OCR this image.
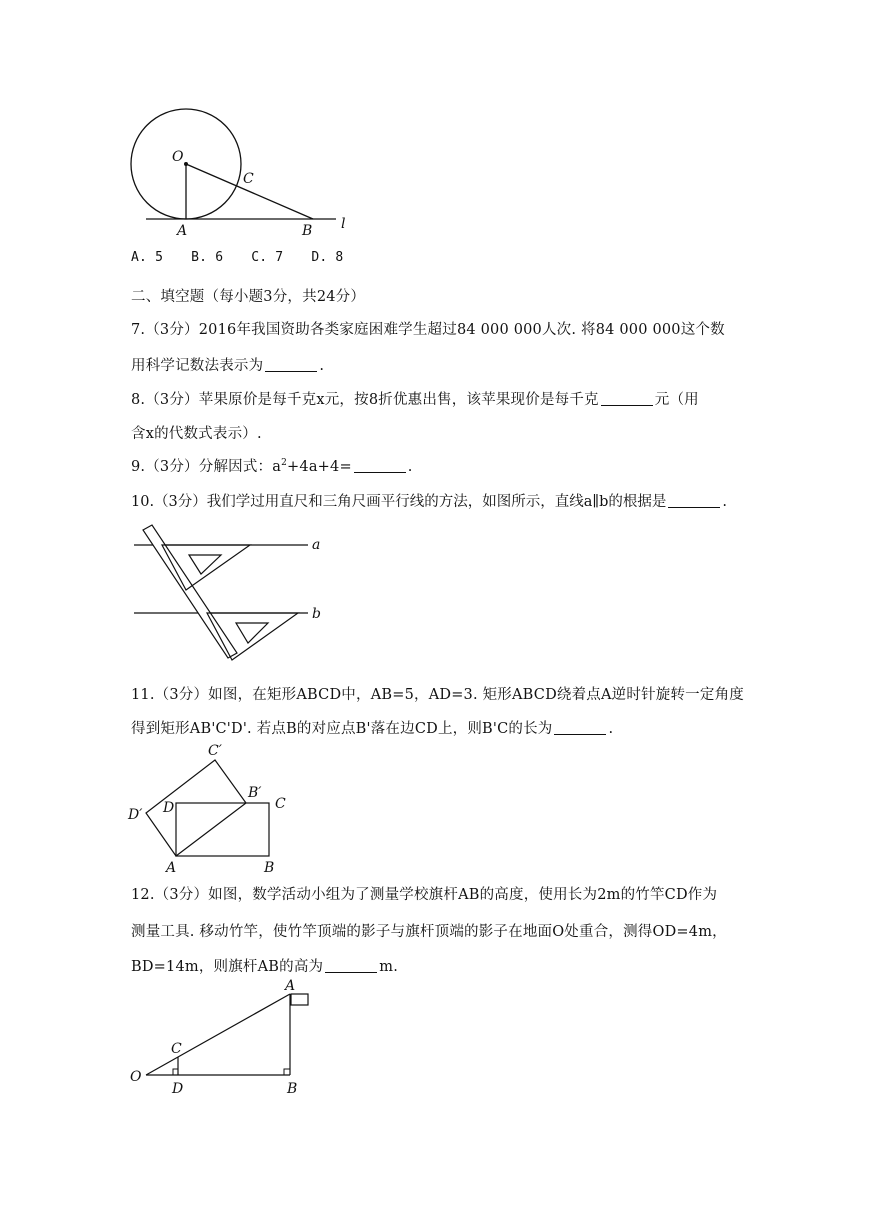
O
C
A	B l
A. 5 B. 6 C. 7 D. 8
二、填空题（每小题3分，共24分）
7.（3分）2016年我国资助各类家庭困难学生超过84 000 000人次. 将84 000 000这个数
用科学记数法表示为	.
8.（3分）苹果原价是每千克x元，按8折优惠出售，该苹果现价是每千克	元（用
含x的代数式表示）.
9.（3分）分解因式：$a^2+4a+4=$	.
10.（3分）我们学过用直尺和三角尺画平行线的方法，如图所示，直线a∥b的根据是	.
a
b
11.（3分）如图，在矩形ABCD中，AB=5，AD=3. 矩形ABCD绕着点A逆时针旋转一定角度
得到矩形AB'C'D'. 若点B的对应点B'落在边CD上，则B'C的长为	.
C′
D′ D
B′
C
A	B
12.（3分）如图，数学活动小组为了测量学校旗杆AB的高度，使用长为2m的竹竿CD作为
测量工具. 移动竹竿，使竹竿顶端的影子与旗杆顶端的影子在地面O处重合，测得OD=4m，
BD=14m，则旗杆AB的高为	m.
A
C
O
D	B
